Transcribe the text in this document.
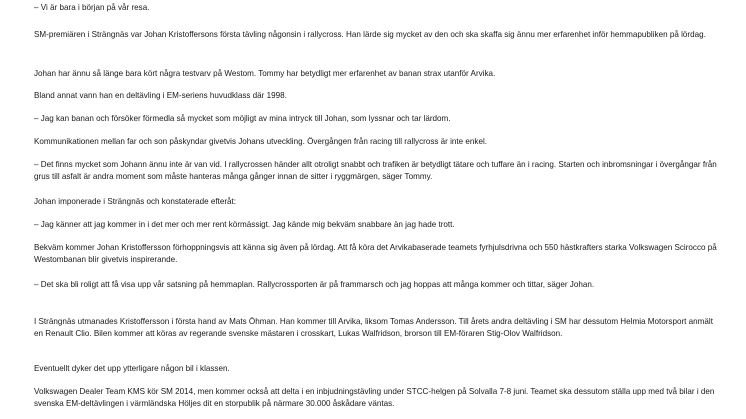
– Vi är bara i början på vår resa.

SM-premiären i Strängnäs var Johan Kristoffersons första tävling någonsin i rallycross. Han lärde sig mycket av den och ska skaffa sig ännu mer erfarenhet inför hemmapubliken på lördag.

Johan har ännu så länge bara kört några testvarv på Westom. Tommy har betydligt mer erfarenhet av banan strax utanför Arvika.

Bland annat vann han en deltävling i EM-seriens huvudklass där 1998.

– Jag kan banan och försöker förmedla så mycket som möjligt av mina intryck till Johan, som lyssnar och tar lärdom.

Kommunikationen mellan far och son påskyndar givetvis Johans utveckling. Övergången från racing till rallycross är inte enkel.

– Det finns mycket som Johann ännu inte är van vid. I rallycrossen händer allt otroligt snabbt och trafiken är betydligt tätare och tuffare än i racing. Starten och inbromsningar i övergångar från grus till asfalt är andra moment som måste hanteras många gånger innan de sitter i ryggmärgen, säger Tommy.

Johan imponerade i Strängnäs och konstaterade efteråt:

– Jag känner att jag kommer in i det mer och mer rent körmässigt. Jag kände mig bekväm snabbare än jag hade trott.

Bekväm kommer Johan Kristoffersson förhoppningsvis att känna sig även på lördag. Att få köra det Arvikabaserade teamets fyrhjulsdrivna och 550 hästkrafters starka Volkswagen Scirocco på Westombanan blir givetvis inspirerande.

– Det ska bli roligt att få visa upp vår satsning på hemmaplan. Rallycrossporten är på frammarsch och jag hoppas att många kommer och tittar, säger Johan.

I Strängnäs utmanades Kristoffersson i första hand av Mats Öhman. Han kommer till Arvika, liksom Tomas Andersson. Till årets andra deltävling i SM har dessutom Helmia Motorsport anmält en Renault Clio. Bilen kommer att köras av regerande svenske mästaren i crosskart, Lukas Walfridson, brorson till EM-föraren Stig-Olov Walfridson.

Eventuellt dyker det upp ytterligare någon bil i klassen.

Volkswagen Dealer Team KMS kör SM 2014, men kommer också att delta i en inbjudningstävling under STCC-helgen på Solvalla 7-8 juni. Teamet ska dessutom ställa upp med två bilar i den svenska EM-deltävlingen i värmländska Höljes dit en storpublik på närmare 30.000 åskådare väntas.
